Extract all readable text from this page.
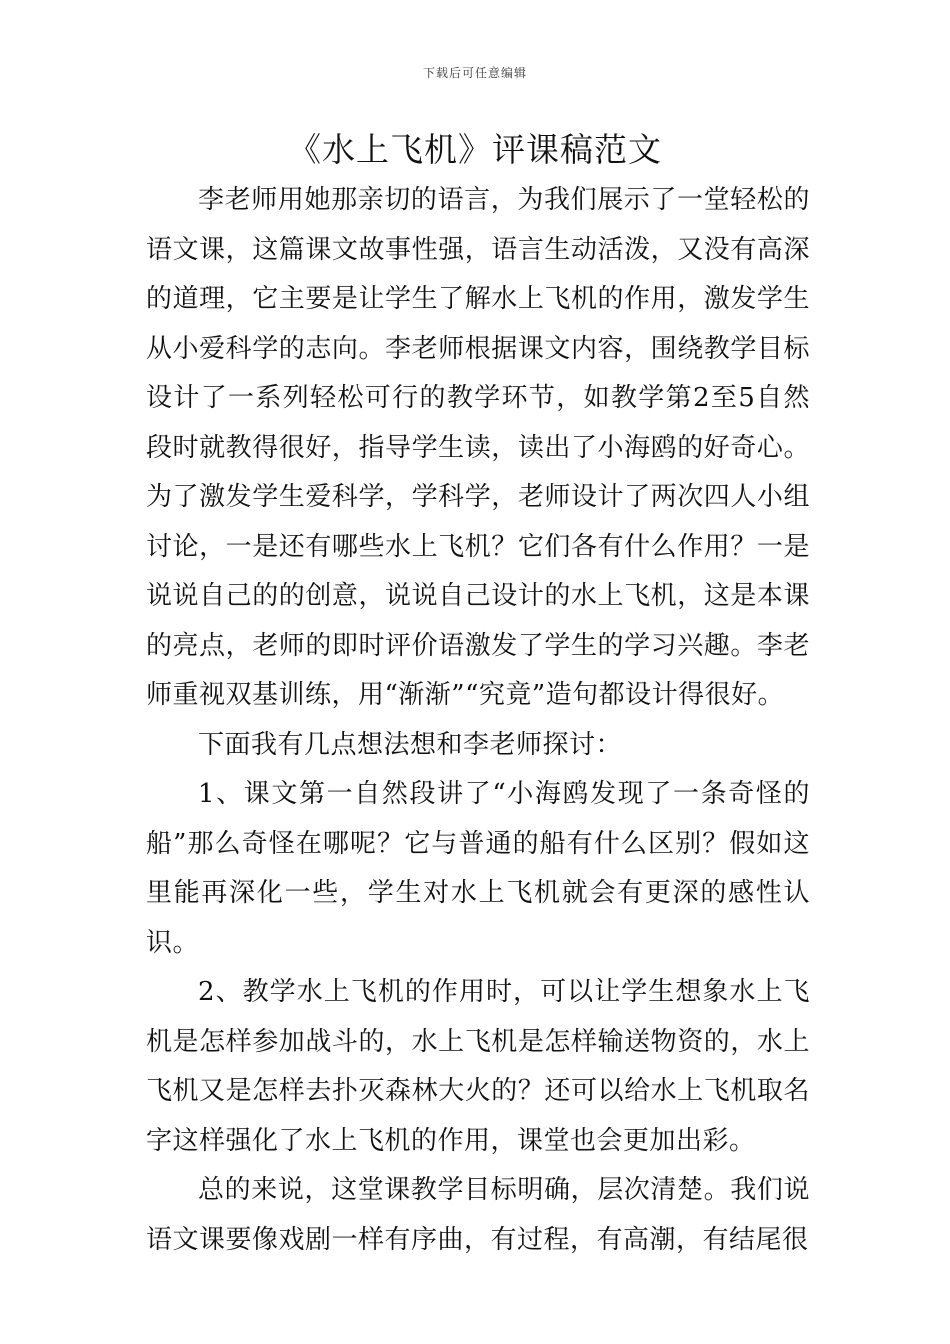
下载后可任意编辑
《水上飞机》评课稿范文

李老师用她那亲切的语言，为我们展示了一堂轻松的语文课，这篇课文故事性强，语言生动活泼，又没有高深的道理，它主要是让学生了解水上飞机的作用，激发学生从小爱科学的志向。李老师根据课文内容，围绕教学目标设计了一系列轻松可行的教学环节，如教学第2至5自然段时就教得很好，指导学生读，读出了小海鸥的好奇心。为了激发学生爱科学，学科学，老师设计了两次四人小组讨论，一是还有哪些水上飞机？它们各有什么作用？一是说说自己的的创意，说说自己设计的水上飞机，这是本课的亮点，老师的即时评价语激发了学生的学习兴趣。李老师重视双基训练，用“渐渐”“究竟”造句都设计得很好。

下面我有几点想法想和李老师探讨：

1、课文第一自然段讲了“小海鸥发现了一条奇怪的船”那么奇怪在哪呢？它与普通的船有什么区别？假如这里能再深化一些，学生对水上飞机就会有更深的感性认识。

2、教学水上飞机的作用时，可以让学生想象水上飞机是怎样参加战斗的，水上飞机是怎样输送物资的，水上飞机又是怎样去扑灭森林大火的？还可以给水上飞机取名字这样强化了水上飞机的作用，课堂也会更加出彩。

总的来说，这堂课教学目标明确，层次清楚。我们说语文课要像戏剧一样有序曲，有过程，有高潮，有结尾很
